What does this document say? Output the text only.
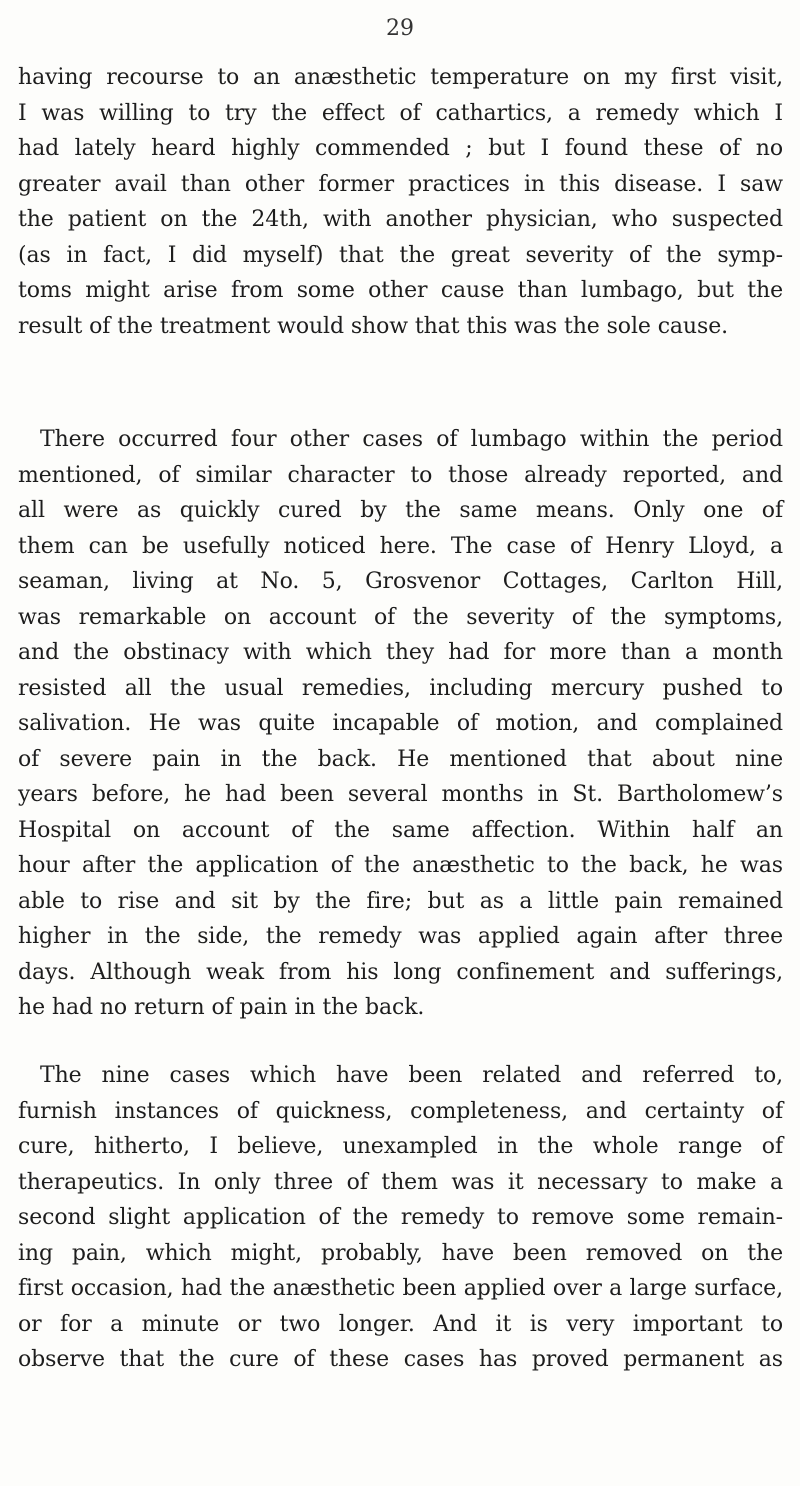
29
having recourse to an anæsthetic temperature on my first visit,
I was willing to try the effect of cathartics, a remedy which I
had lately heard highly commended ; but I found these of no
greater avail than other former practices in this disease. I saw
the patient on the 24th, with another physician, who suspected
(as in fact, I did myself) that the great severity of the symp-
toms might arise from some other cause than lumbago, but the
result of the treatment would show that this was the sole cause.
There occurred four other cases of lumbago within the period
mentioned, of similar character to those already reported, and
all were as quickly cured by the same means. Only one of
them can be usefully noticed here. The case of Henry Lloyd, a
seaman, living at No. 5, Grosvenor Cottages, Carlton Hill,
was remarkable on account of the severity of the symptoms,
and the obstinacy with which they had for more than a month
resisted all the usual remedies, including mercury pushed to
salivation. He was quite incapable of motion, and complained
of severe pain in the back. He mentioned that about nine
years before, he had been several months in St. Bartholomew’s
Hospital on account of the same affection. Within half an
hour after the application of the anæsthetic to the back, he was
able to rise and sit by the fire; but as a little pain remained
higher in the side, the remedy was applied again after three
days. Although weak from his long confinement and sufferings,
he had no return of pain in the back.
The nine cases which have been related and referred to,
furnish instances of quickness, completeness, and certainty of
cure, hitherto, I believe, unexampled in the whole range of
therapeutics. In only three of them was it necessary to make a
second slight application of the remedy to remove some remain-
ing pain, which might, probably, have been removed on the
first occasion, had the anæsthetic been applied over a large surface,
or for a minute or two longer. And it is very important to
observe that the cure of these cases has proved permanent as
